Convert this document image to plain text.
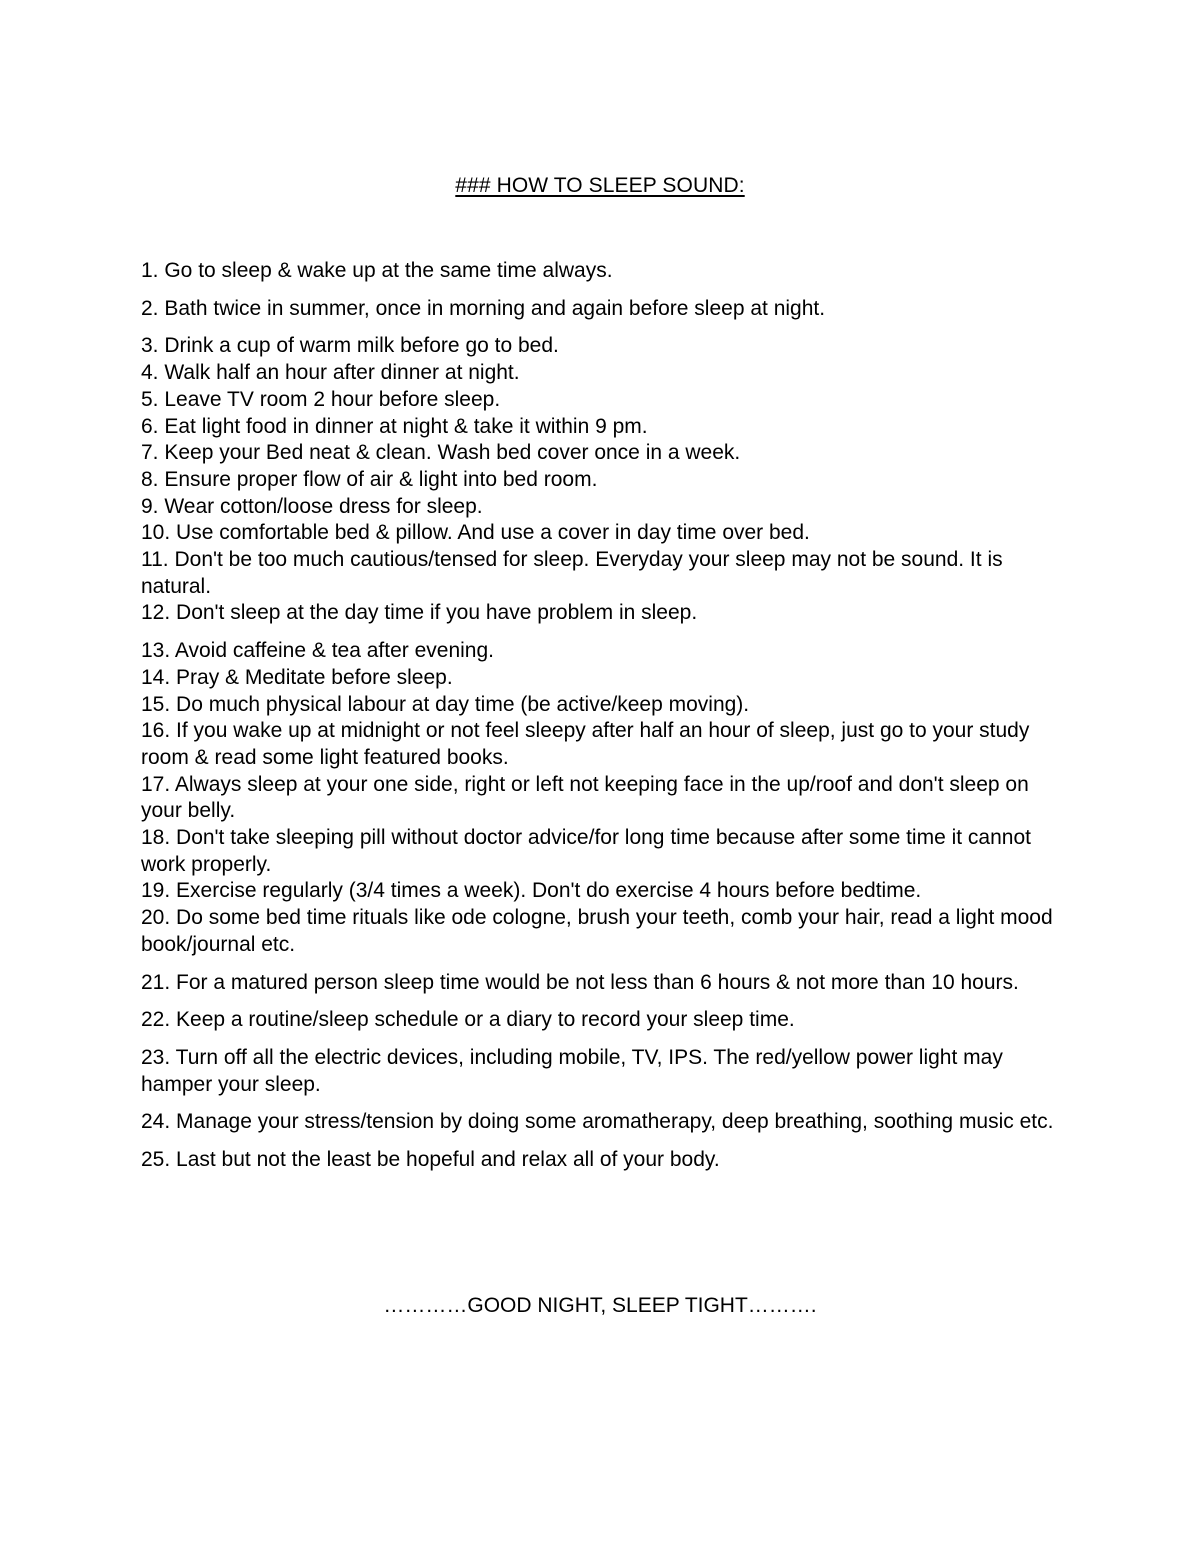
### HOW TO SLEEP SOUND:
1. Go to sleep & wake up at the same time always.
2. Bath twice in summer, once in morning and again before sleep at night.
3. Drink a cup of warm milk before go to bed.
4. Walk half an hour after dinner at night.
5. Leave TV room 2 hour before sleep.
6. Eat light food in dinner at night & take it within 9 pm.
7. Keep your Bed neat & clean. Wash bed cover once in a week.
8. Ensure proper flow of air & light into bed room.
9. Wear cotton/loose dress for sleep.
10. Use comfortable bed & pillow. And use a cover in day time over bed.
11. Don't be too much cautious/tensed for sleep. Everyday your sleep may not be sound. It is natural.
12. Don't sleep at the day time if you have problem in sleep.
13. Avoid caffeine & tea after evening.
14. Pray & Meditate before sleep.
15. Do much physical labour at day time (be active/keep moving).
16. If you wake up at midnight or not feel sleepy after half an hour of sleep, just go to your study room & read some light featured books.
17. Always sleep at your one side, right or left not keeping face in the up/roof and don't sleep on your belly.
18. Don't take sleeping pill without doctor advice/for long time because after some time it cannot work properly.
19. Exercise regularly (3/4 times a week). Don't do exercise 4 hours before bedtime.
20. Do some bed time rituals like ode cologne, brush your teeth, comb your hair, read a light mood book/journal etc.
21. For a matured person sleep time would be not less than 6 hours & not more than 10 hours.
22. Keep a routine/sleep schedule or a diary to record your sleep time.
23. Turn off all the electric devices, including mobile, TV, IPS. The red/yellow power light may hamper your sleep.
24. Manage your stress/tension by doing some aromatherapy, deep breathing, soothing music etc.
25. Last but not the least be hopeful and relax all of your body.
…………GOOD NIGHT, SLEEP TIGHT……….
